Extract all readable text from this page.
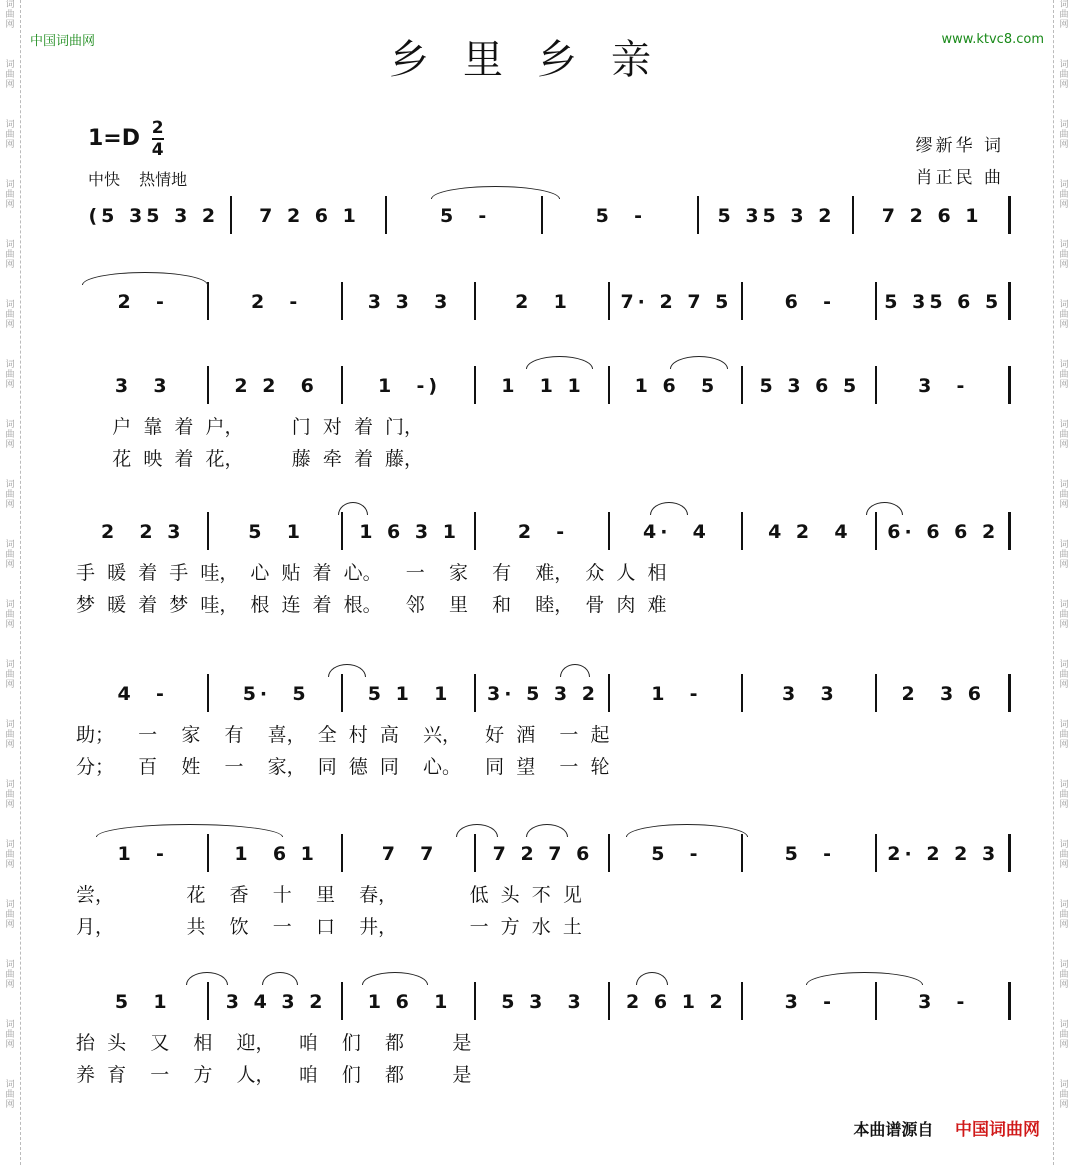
词
曲
网

词
曲
网

词
曲
网

词
曲
网

词
曲
网

词
曲
网

词
曲
网

词
曲
网

词
曲
网

词
曲
网

词
曲
网

词
曲
网

词
曲
网

词
曲
网

词
曲
网

词
曲
网

词
曲
网

词
曲
网

词
曲
网

词
曲
网

词
曲
网

词
曲
网

词
曲
网

词
曲
网

词
曲
网

词
曲
网

词
曲
网

词
曲
网

词
曲
网

词
曲
网

词
曲
网

词
曲
网

词
曲
网

词
曲
网

词
曲
网

词
曲
网

词
曲
网

词
曲
网

中国词曲网	www.ktvc8.com
乡里乡亲
$1=D \frac{2}{4}$
中快 热情地
缪新华 词
肖正民 曲
(5 35 3 2	7 2 6 1	5  -	5  -	5 35 3 2	7 2 6 1
2  -	2  -	3 3  3	2  1	7· 2 7 5	6  -	5 35 6 5
3  3	2 2  6	1  -)	1  1 1	1 6  5	5 3 6 5	3  -
户  靠  着  户，        门  对  着  门，
花  映  着  花，        藤  牵  着  藤，
2  2 3	5  1	1 6 3 1	2  -	4·  4	4 2  4	6· 6 6 2
手  暖  着  手  哇，  心  贴  着  心。    一    家    有    难，  众  人  相
梦  暖  着  梦  哇，  根  连  着  根。    邻    里    和    睦，  骨  肉  难
4  -	5·  5	5 1  1	3· 5 3 2	1  -	3  3	2  3 6
助；    一    家    有    喜，  全  村  高    兴，    好  酒    一  起
分；    百    姓    一    家，  同  德  同    心。    同  望    一  轮
1  -	1  6 1	7  7	7 2 7 6	5  -	5  -	2· 2 2 3
尝，            花    香    十    里    春，            低  头  不  见
月，            共    饮    一    口    井，            一  方  水  土
5  1	3 4 3 2	1 6  1	5 3  3	2 6 1 2	3  -	3  -
抬  头    又    相    迎，    咱    们    都        是
养  育    一    方    人，    咱    们    都        是
本曲谱源自 中国词曲网
